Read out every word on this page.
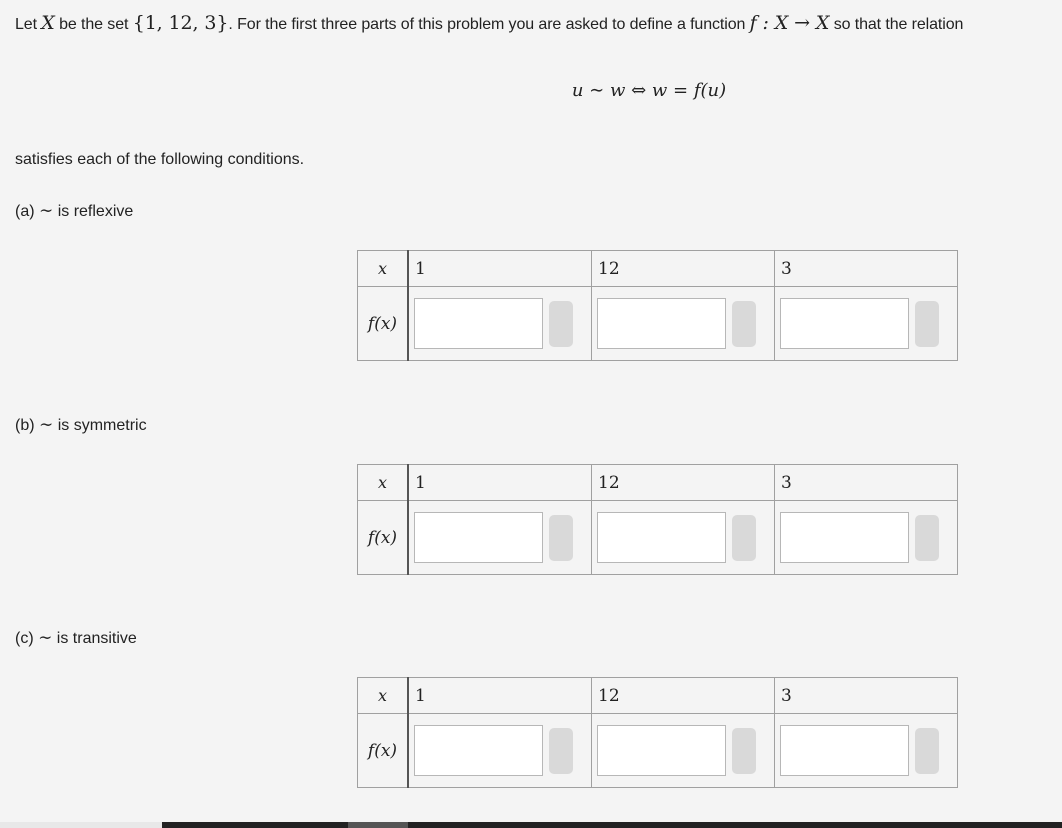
Let X be the set {1, 12, 3}. For the first three parts of this problem you are asked to define a function f : X → X so that the relation
u ∼ w ⇔ w = f(u)
satisfies each of the following conditions.
(a) ∼ is reflexive
x	1	12	3
f(x)	

(b) ∼ is symmetric
x	1	12	3
f(x)	

(c) ∼ is transitive
x	1	12	3
f(x)	
